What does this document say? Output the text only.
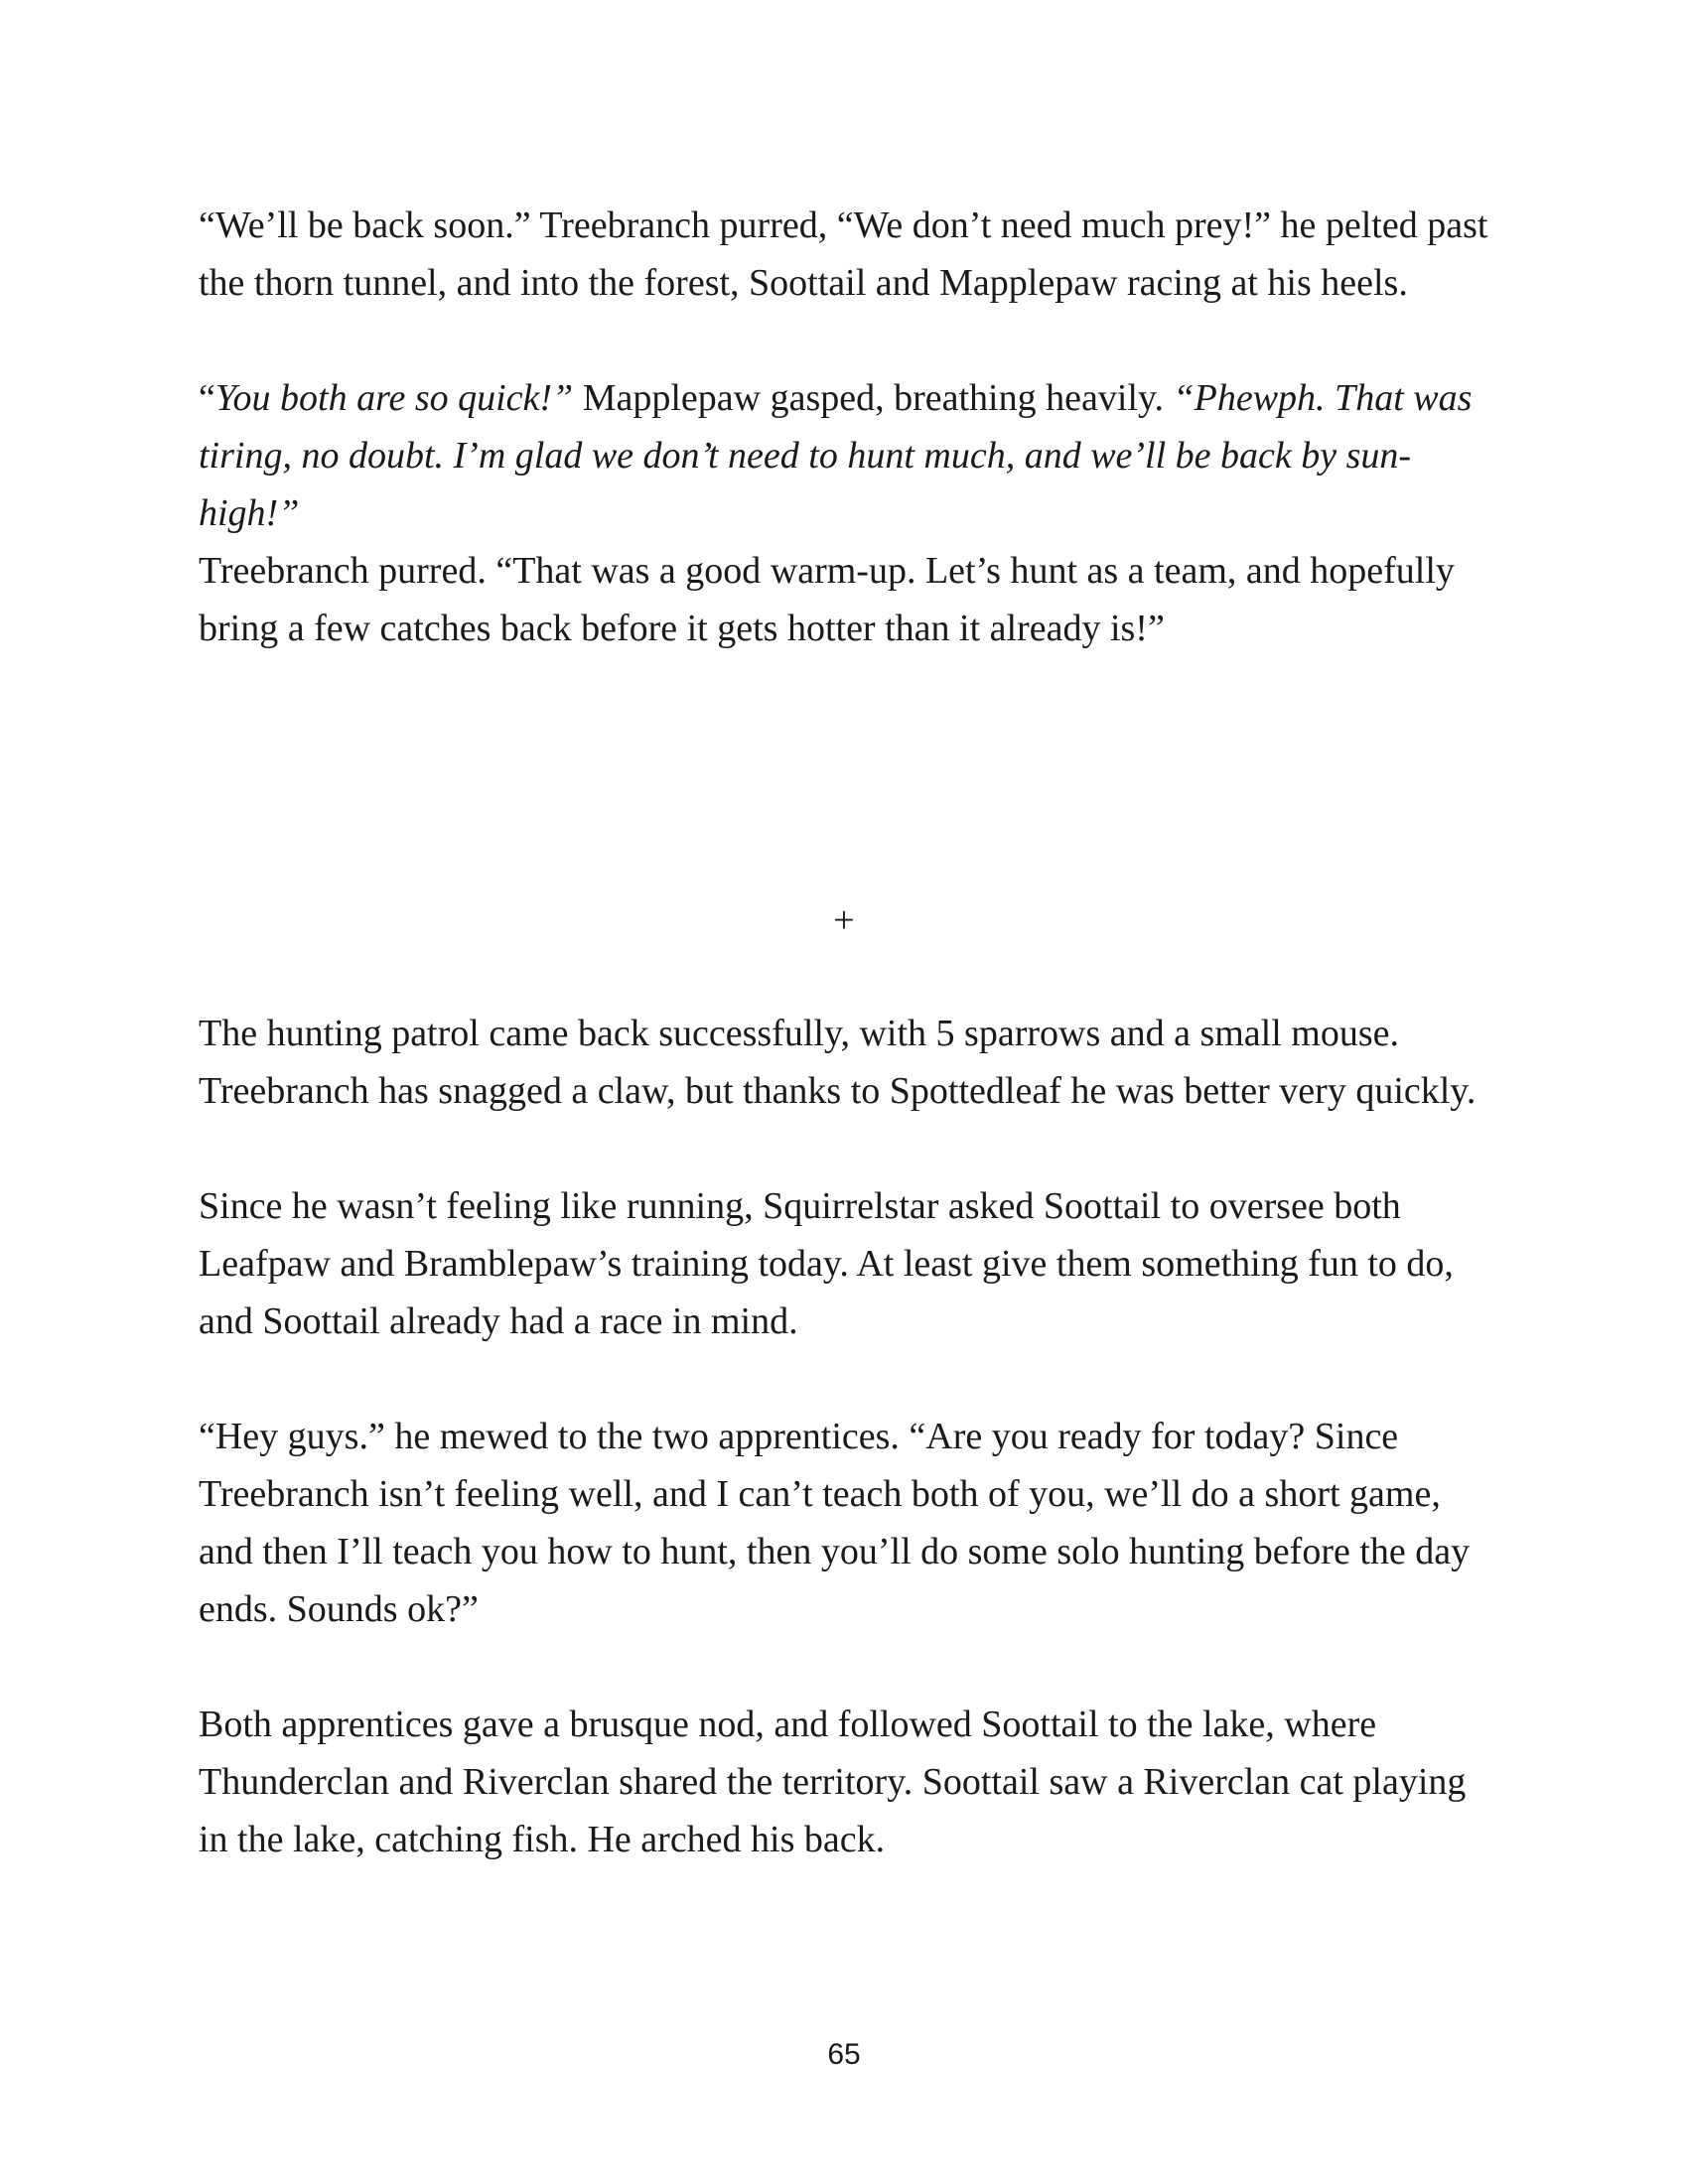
“We’ll be back soon.” Treebranch purred, “We don’t need much prey!” he pelted past the thorn tunnel, and into the forest, Soottail and Mapplepaw racing at his heels.

“You both are so quick!” Mapplepaw gasped, breathing heavily. “Phewph. That was tiring, no doubt. I’m glad we don’t need to hunt much, and we’ll be back by sun-high!”

Treebranch purred. “That was a good warm-up. Let’s hunt as a team, and hopefully bring a few catches back before it gets hotter than it already is!”

+

The hunting patrol came back successfully, with 5 sparrows and a small mouse. Treebranch has snagged a claw, but thanks to Spottedleaf he was better very quickly.

Since he wasn’t feeling like running, Squirrelstar asked Soottail to oversee both Leafpaw and Bramblepaw’s training today. At least give them something fun to do, and Soottail already had a race in mind.

“Hey guys.” he mewed to the two apprentices. “Are you ready for today? Since Treebranch isn’t feeling well, and I can’t teach both of you, we’ll do a short game, and then I’ll teach you how to hunt, then you’ll do some solo hunting before the day ends. Sounds ok?”

Both apprentices gave a brusque nod, and followed Soottail to the lake, where Thunderclan and Riverclan shared the territory. Soottail saw a Riverclan cat playing in the lake, catching fish. He arched his back.

65
